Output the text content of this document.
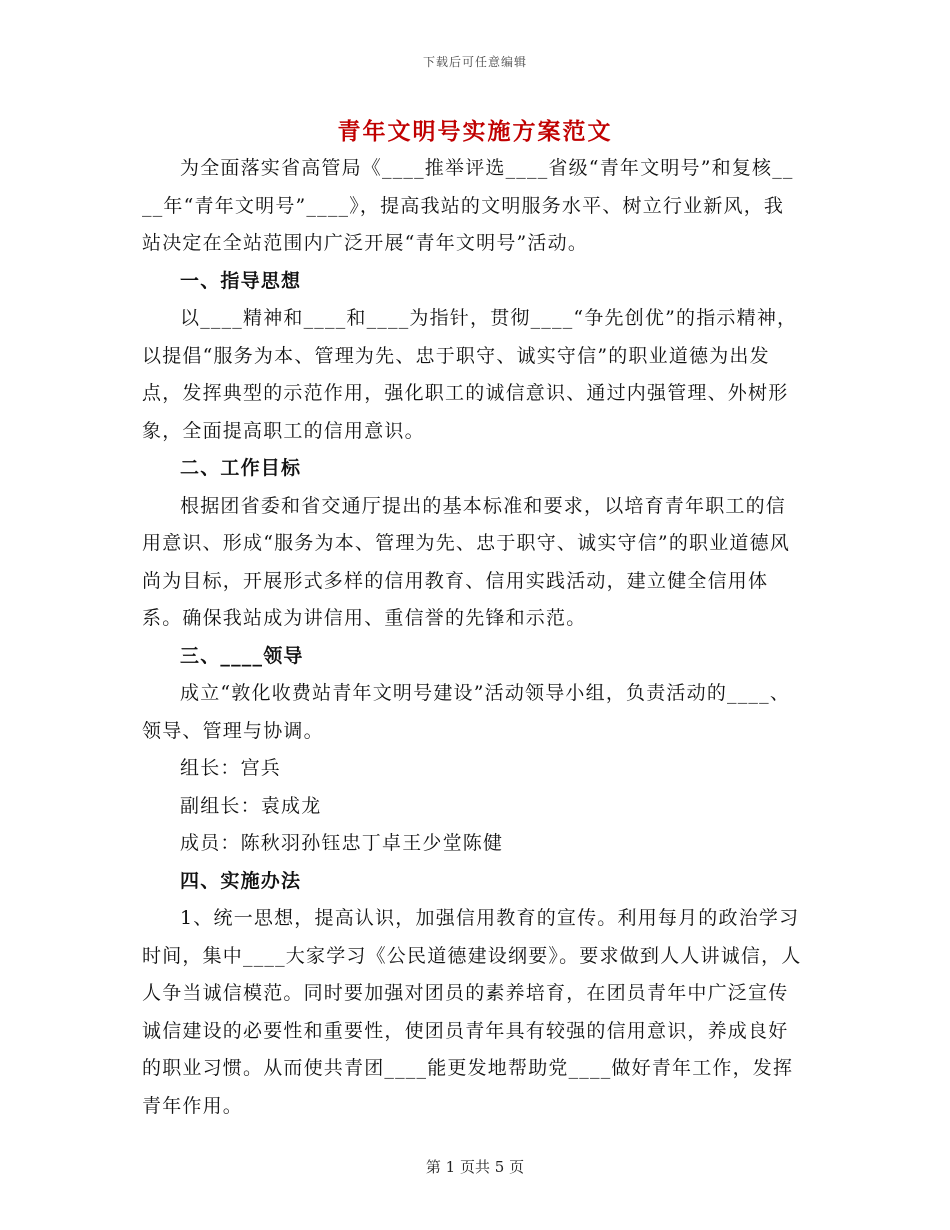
下载后可任意编辑
青年文明号实施方案范文

为全面落实省高管局《____推举评选____省级“青年文明号”和复核____年“青年文明号”____》，提高我站的文明服务水平、树立行业新风，我站决定在全站范围内广泛开展“青年文明号”活动。

一、指导思想

以____精神和____和____为指针，贯彻____“争先创优”的指示精神，以提倡“服务为本、管理为先、忠于职守、诚实守信”的职业道德为出发点，发挥典型的示范作用，强化职工的诚信意识、通过内强管理、外树形象，全面提高职工的信用意识。

二、工作目标

根据团省委和省交通厅提出的基本标准和要求，以培育青年职工的信用意识、形成“服务为本、管理为先、忠于职守、诚实守信”的职业道德风尚为目标，开展形式多样的信用教育、信用实践活动，建立健全信用体系。确保我站成为讲信用、重信誉的先锋和示范。

三、____领导

成立“敦化收费站青年文明号建设”活动领导小组，负责活动的____、领导、管理与协调。

组长：宫兵

副组长：袁成龙

成员：陈秋羽孙钰忠丁卓王少堂陈健

四、实施办法

1、统一思想，提高认识，加强信用教育的宣传。利用每月的政治学习时间，集中____大家学习《公民道德建设纲要》。要求做到人人讲诚信，人人争当诚信模范。同时要加强对团员的素养培育，在团员青年中广泛宣传诚信建设的必要性和重要性，使团员青年具有较强的信用意识，养成良好的职业习惯。从而使共青团____能更发地帮助党____做好青年工作，发挥青年作用。

第 1 页共 5 页
